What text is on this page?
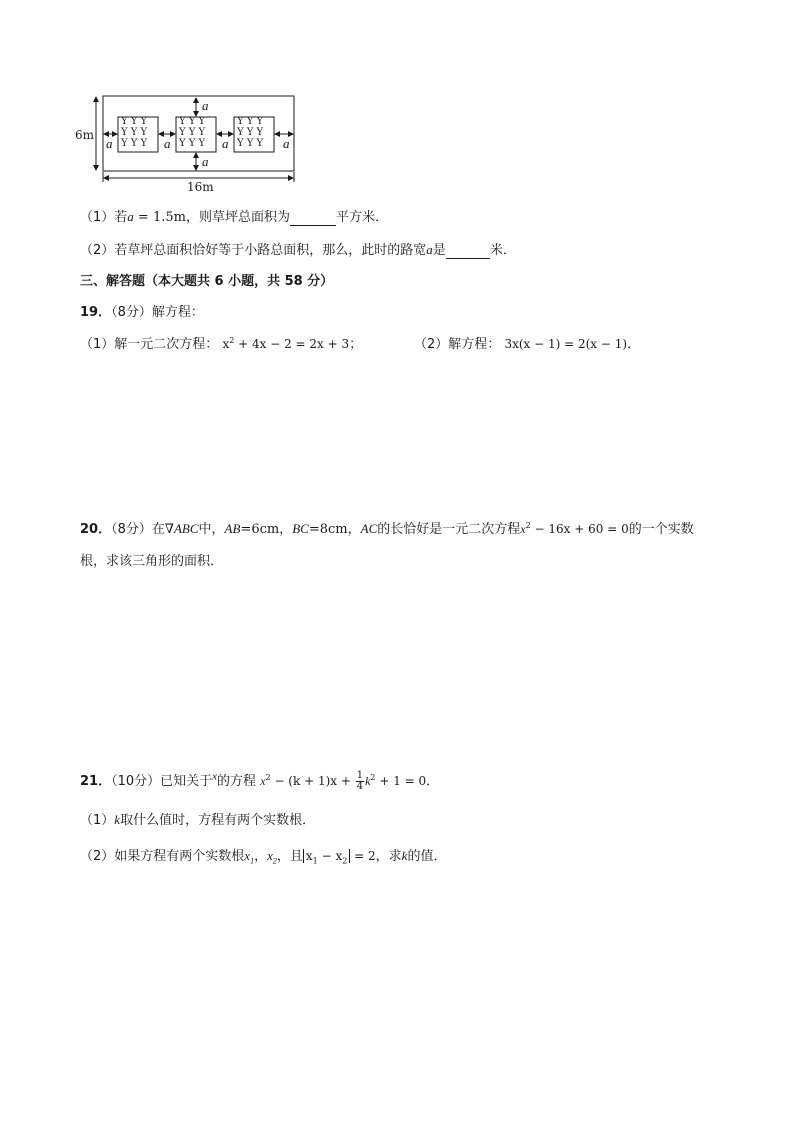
6m
16m
a
a
a	a	a	a
Y Y Y
Y Y Y
Y Y Y
Y Y Y
Y Y Y
Y Y Y
Y Y Y
Y Y Y
Y Y Y
（1）若a = 1.5m，则草坪总面积为	平方米．
（2）若草坪总面积恰好等于小路总面积，那么，此时的路宽a是	米．
三、解答题（本大题共 6 小题，共 58 分）
19．（8分）解方程：
（1）解一元二次方程： $x^2 + 4x - 2 = 2x + 3$；	（2）解方程： 3x(x − 1) = 2(x − 1)．
20．（8分）在∇ABC中，AB=6cm，BC=8cm，AC的长恰好是一元二次方程$x^2 - 16x + 60 = 0$的一个实数
根，求该三角形的面积．
21．（10分）已知关于$^x$的方程 $x^2 - (k + 1)x + \frac{1}{4} k^2 + 1 = 0$．
（1）k取什么值时，方程有两个实数根．
（2）如果方程有两个实数根$x_1$，$x_2$，且 $x_1 - x_2 = 2$，求k的值．
